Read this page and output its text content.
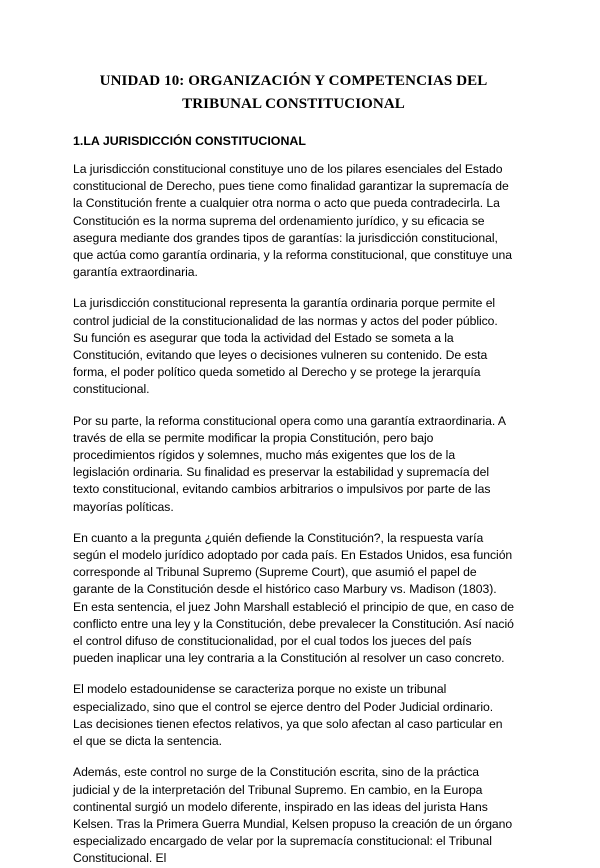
UNIDAD 10: ORGANIZACIÓN Y COMPETENCIAS DEL TRIBUNAL CONSTITUCIONAL
1.LA JURISDICCIÓN CONSTITUCIONAL

La jurisdicción constitucional constituye uno de los pilares esenciales del Estado constitucional de Derecho, pues tiene como finalidad garantizar la supremacía de la Constitución frente a cualquier otra norma o acto que pueda contradecirla. La Constitución es la norma suprema del ordenamiento jurídico, y su eficacia se asegura mediante dos grandes tipos de garantías: la jurisdicción constitucional, que actúa como garantía ordinaria, y la reforma constitucional, que constituye una garantía extraordinaria.

La jurisdicción constitucional representa la garantía ordinaria porque permite el control judicial de la constitucionalidad de las normas y actos del poder público. Su función es asegurar que toda la actividad del Estado se someta a la Constitución, evitando que leyes o decisiones vulneren su contenido. De esta forma, el poder político queda sometido al Derecho y se protege la jerarquía constitucional.

Por su parte, la reforma constitucional opera como una garantía extraordinaria. A través de ella se permite modificar la propia Constitución, pero bajo procedimientos rígidos y solemnes, mucho más exigentes que los de la legislación ordinaria. Su finalidad es preservar la estabilidad y supremacía del texto constitucional, evitando cambios arbitrarios o impulsivos por parte de las mayorías políticas.

En cuanto a la pregunta ¿quién defiende la Constitución?, la respuesta varía según el modelo jurídico adoptado por cada país. En Estados Unidos, esa función corresponde al Tribunal Supremo (Supreme Court), que asumió el papel de garante de la Constitución desde el histórico caso Marbury vs. Madison (1803). En esta sentencia, el juez John Marshall estableció el principio de que, en caso de conflicto entre una ley y la Constitución, debe prevalecer la Constitución. Así nació el control difuso de constitucionalidad, por el cual todos los jueces del país pueden inaplicar una ley contraria a la Constitución al resolver un caso concreto.

El modelo estadounidense se caracteriza porque no existe un tribunal especializado, sino que el control se ejerce dentro del Poder Judicial ordinario. Las decisiones tienen efectos relativos, ya que solo afectan al caso particular en el que se dicta la sentencia.

Además, este control no surge de la Constitución escrita, sino de la práctica judicial y de la interpretación del Tribunal Supremo. En cambio, en la Europa continental surgió un modelo diferente, inspirado en las ideas del jurista Hans Kelsen. Tras la Primera Guerra Mundial, Kelsen propuso la creación de un órgano especializado encargado de velar por la supremacía constitucional: el Tribunal Constitucional. El
